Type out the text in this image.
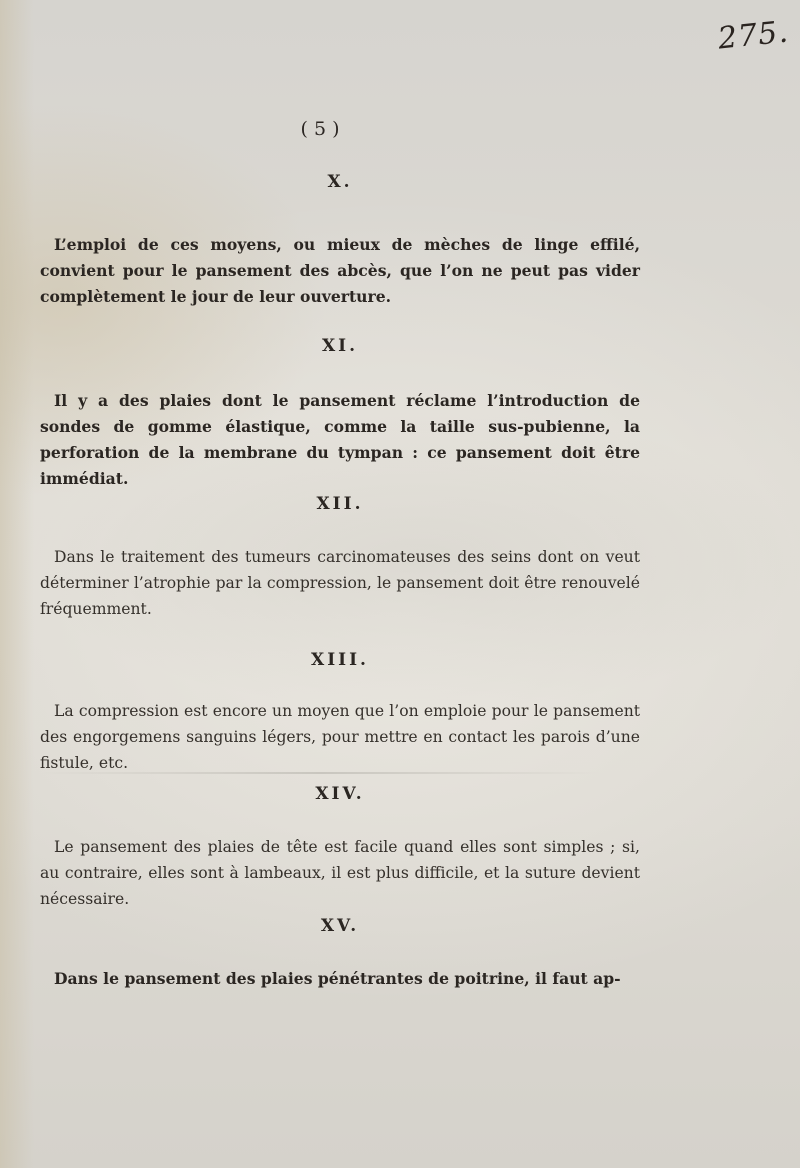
275.
( 5 )

X.

L’emploi de ces moyens, ou mieux de mèches de linge effilé, convient pour le pansement des abcès, que l’on ne peut pas vider complètement le jour de leur ouverture.

XI.

Il y a des plaies dont le pansement réclame l’introduction de sondes de gomme élastique, comme la taille sus-pubienne, la perforation de la membrane du tympan : ce pansement doit être immédiat.

XII.

Dans le traitement des tumeurs carcinomateuses des seins dont on veut déterminer l’atrophie par la compression, le pansement doit être renouvelé fréquemment.

XIII.

La compression est encore un moyen que l’on emploie pour le pansement des engorgemens sanguins légers, pour mettre en contact les parois d’une fistule, etc.

XIV.

Le pansement des plaies de tête est facile quand elles sont simples ; si, au contraire, elles sont à lambeaux, il est plus difficile, et la suture devient nécessaire.

XV.

Dans le pansement des plaies pénétrantes de poitrine, il faut ap-
